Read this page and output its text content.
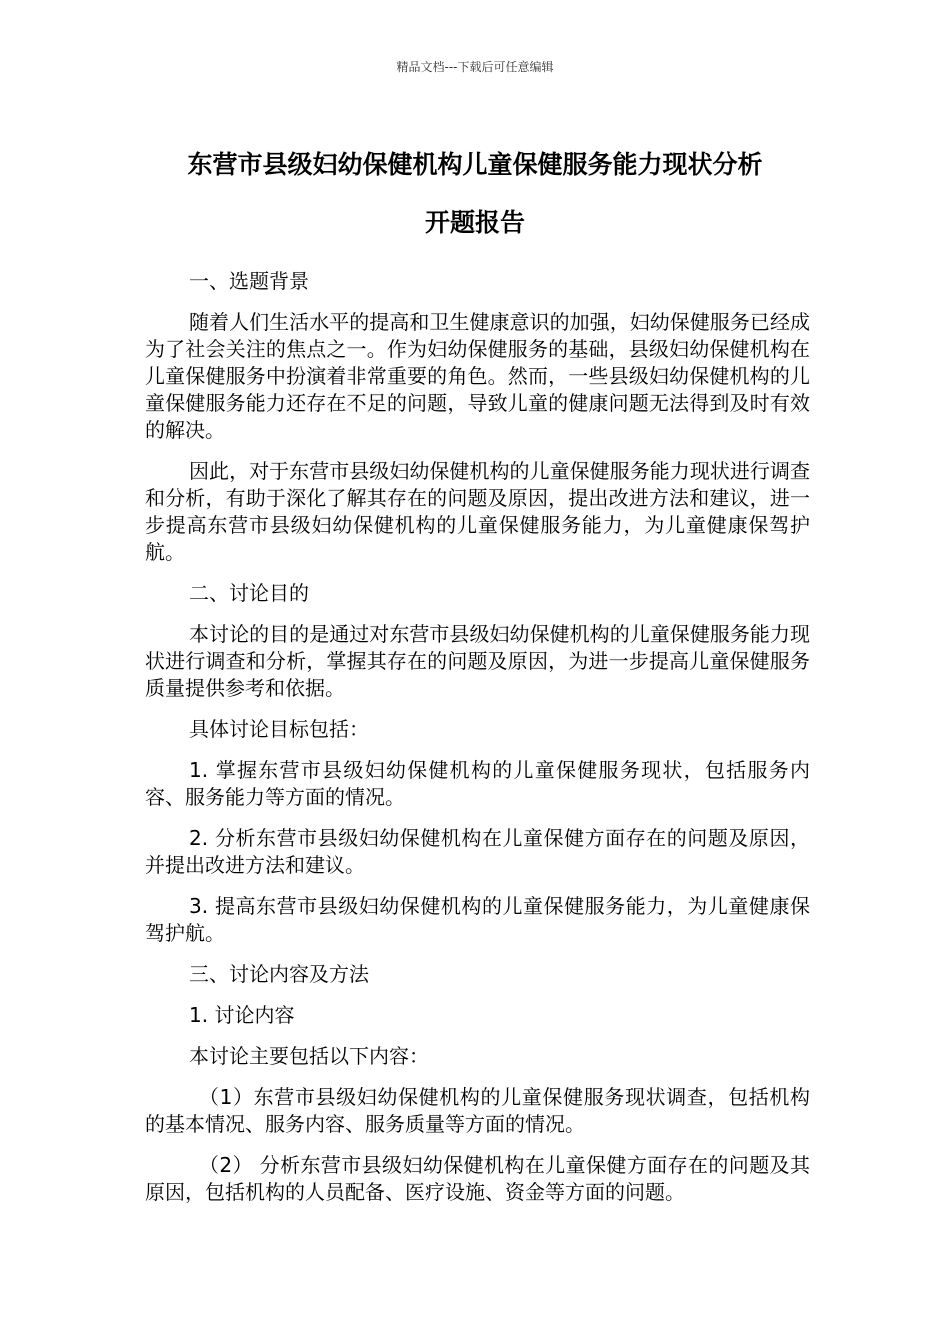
精品文档---下载后可任意编辑
东营市县级妇幼保健机构儿童保健服务能力现状分析
开题报告

一、选题背景

随着人们生活水平的提高和卫生健康意识的加强，妇幼保健服务已经成为了社会关注的焦点之一。作为妇幼保健服务的基础，县级妇幼保健机构在儿童保健服务中扮演着非常重要的角色。然而，一些县级妇幼保健机构的儿童保健服务能力还存在不足的问题，导致儿童的健康问题无法得到及时有效的解决。

因此，对于东营市县级妇幼保健机构的儿童保健服务能力现状进行调查和分析，有助于深化了解其存在的问题及原因，提出改进方法和建议，进一步提高东营市县级妇幼保健机构的儿童保健服务能力，为儿童健康保驾护航。

二、讨论目的

本讨论的目的是通过对东营市县级妇幼保健机构的儿童保健服务能力现状进行调查和分析，掌握其存在的问题及原因，为进一步提高儿童保健服务质量提供参考和依据。

具体讨论目标包括：

1. 掌握东营市县级妇幼保健机构的儿童保健服务现状，包括服务内容、服务能力等方面的情况。

2. 分析东营市县级妇幼保健机构在儿童保健方面存在的问题及原因，并提出改进方法和建议。

3. 提高东营市县级妇幼保健机构的儿童保健服务能力，为儿童健康保驾护航。

三、讨论内容及方法

1. 讨论内容

本讨论主要包括以下内容：

（1）东营市县级妇幼保健机构的儿童保健服务现状调查，包括机构的基本情况、服务内容、服务质量等方面的情况。

（2） 分析东营市县级妇幼保健机构在儿童保健方面存在的问题及其原因，包括机构的人员配备、医疗设施、资金等方面的问题。
